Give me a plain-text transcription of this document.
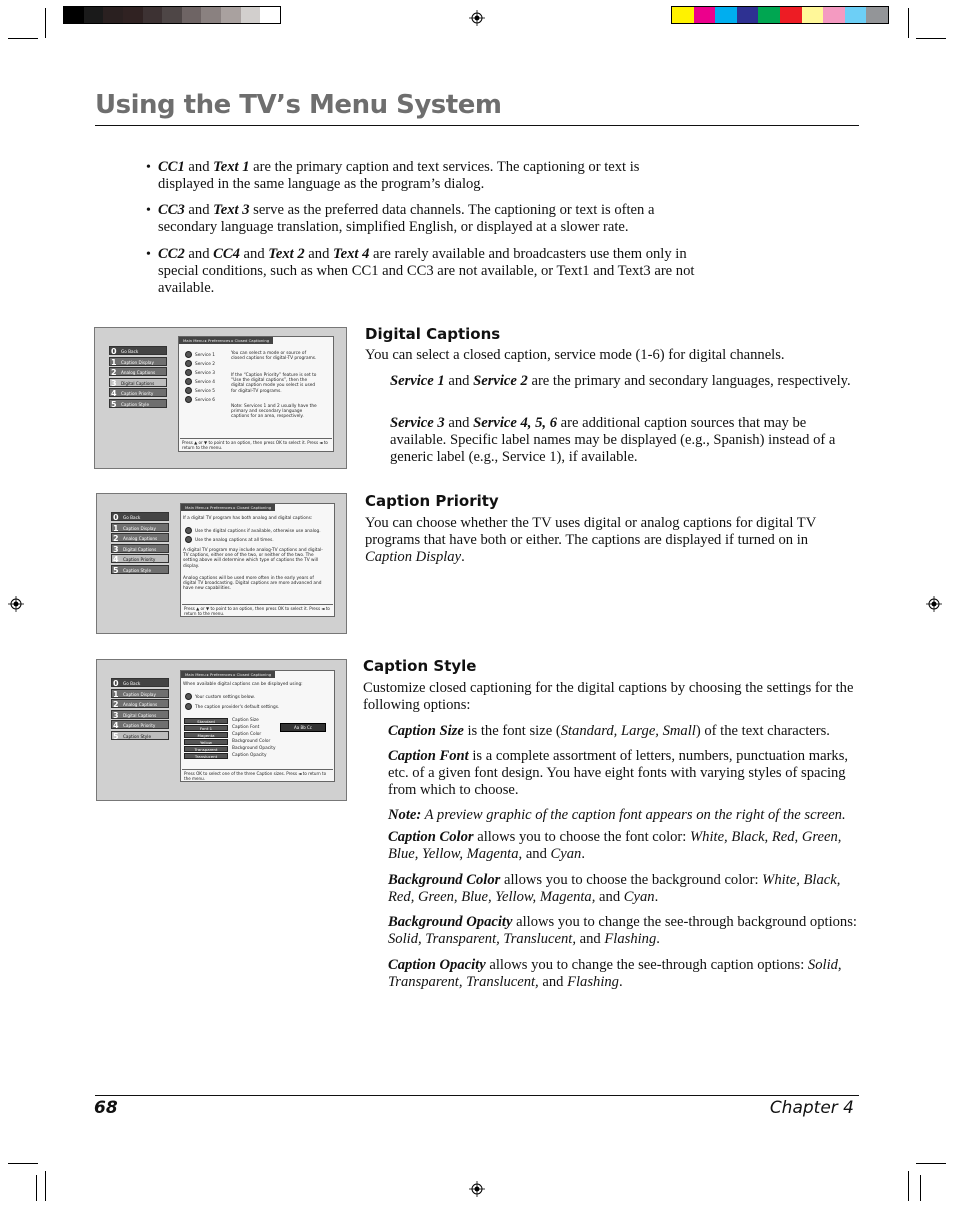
Using the TV’s Menu System
• CC1 and Text 1 are the primary caption and text services. The captioning or text is displayed in the same language as the program’s dialog.
• CC3 and Text 3 serve as the preferred data channels. The captioning or text is often a secondary language translation, simplified English, or displayed at a slower rate.
• CC2 and CC4 and Text 2 and Text 4 are rarely available and broadcasters use them only in special conditions, such as when CC1 and CC3 are not available, or Text1 and Text3 are not available.
0 Go Back
1 Caption Display
2 Analog Captions
3 Digital Captions
4 Caption Priority
5 Caption Style
Main Menu ▸ Preferences ▸ Closed Captioning
Service 1
Service 2
Service 3
Service 4
Service 5
Service 6
You can select a mode or source of closed captions for digital-TV programs.
If the “Caption Priority” feature is set to “Use the digital captions”, then the digital caption mode you select is used for digital-TV programs.
Note: Services 1 and 2 usually have the primary and secondary language captions for an area, respectively.
Press ▲ or ▼ to point to an option, then press OK to select it. Press ◄ to return to the menu.
Digital Captions
You can select a closed caption, service mode (1-6) for digital channels.
Service 1 and Service 2 are the primary and secondary languages, respectively.
Service 3 and Service 4, 5, 6 are additional caption sources that may be available. Specific label names may be displayed (e.g., Spanish) instead of a generic label (e.g., Service 1), if available.
0 Go Back
1 Caption Display
2 Analog Captions
3 Digital Captions
4 Caption Priority
5 Caption Style
Main Menu ▸ Preferences ▸ Closed Captioning
If a digital TV program has both analog and digital captions:
Use the digital captions if available, otherwise use analog.
Use the analog captions at all times.
A digital TV program may include analog-TV captions and digital-TV captions, either one of the two, or neither of the two. The setting above will determine which type of captions the TV will display.
Analog captions will be used more often in the early years of digital TV broadcasting. Digital captions are more advanced and have new capabilities.
Press ▲ or ▼ to point to an option, then press OK to select it. Press ◄ to return to the menu.
Caption Priority
You can choose whether the TV uses digital or analog captions for digital TV programs that have both or either. The captions are displayed if turned on in Caption Display.
0 Go Back
1 Caption Display
2 Analog Captions
3 Digital Captions
4 Caption Priority
5 Caption Style
Main Menu ▸ Preferences ▸ Closed Captioning
When available digital captions can be displayed using:
Your custom settings below.
The caption provider's default settings.
Standard
Font 1
Magenta
Yellow
Transparent
Translucent
Caption Size
Caption Font
Caption Color
Background Color
Background Opacity
Caption Opacity
Aa Bb Cc
Press OK to select one of the three Caption sizes. Press ◄ to return to the menu.
Caption Style
Customize closed captioning for the digital captions by choosing the settings for the following options:
Caption Size is the font size (Standard, Large, Small) of the text characters.
Caption Font is a complete assortment of letters, numbers, punctuation marks, etc. of a given font design. You have eight fonts with varying styles of spacing from which to choose.
Note: A preview graphic of the caption font appears on the right of the screen.
Caption Color allows you to choose the font color: White, Black, Red, Green, Blue, Yellow, Magenta, and Cyan.
Background Color allows you to choose the background color: White, Black, Red, Green, Blue, Yellow, Magenta, and Cyan.
Background Opacity allows you to change the see-through background options: Solid, Transparent, Translucent, and Flashing.
Caption Opacity allows you to change the see-through caption options: Solid, Transparent, Translucent, and Flashing.
68	Chapter 4
